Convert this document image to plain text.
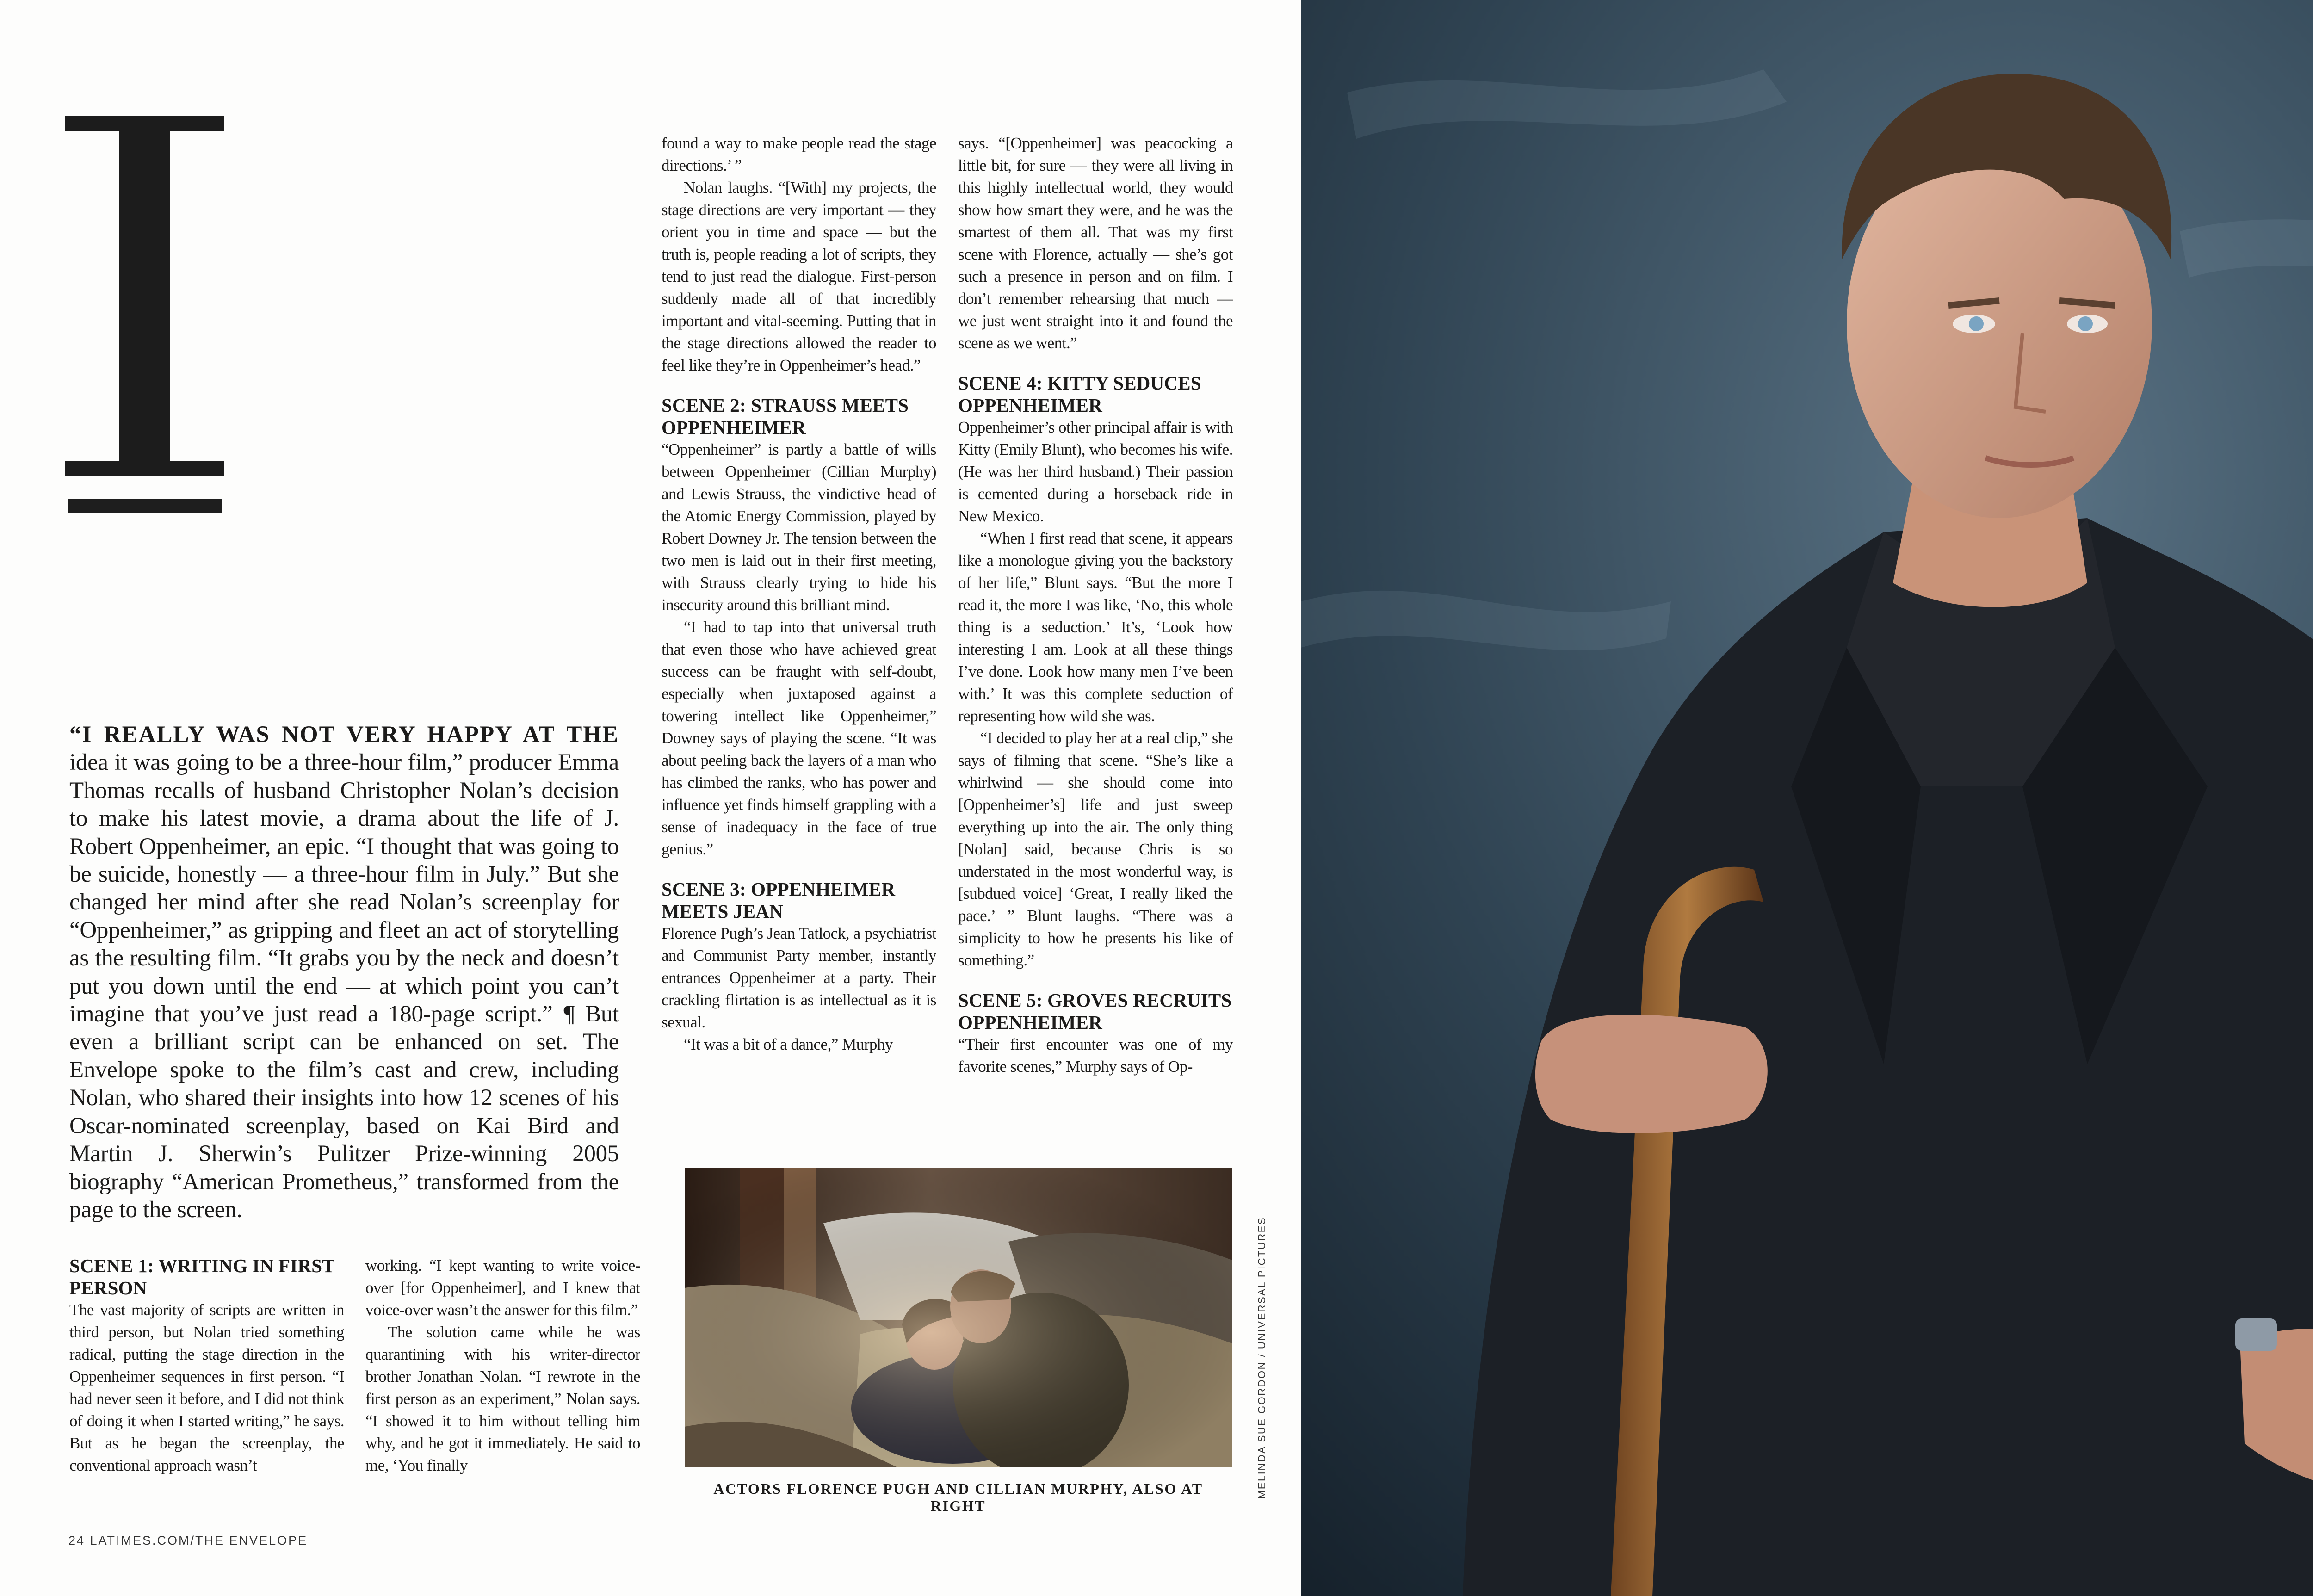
“I REALLY WAS NOT VERY HAPPY AT THE idea it was going to be a three-hour film,” producer Emma Thomas recalls of husband Christopher Nolan’s decision to make his latest movie, a drama about the life of J. Robert Oppenheimer, an epic. “I thought that was going to be suicide, honestly — a three-hour film in July.” But she changed her mind after she read Nolan’s screenplay for “Oppenheimer,” as gripping and fleet an act of storytelling as the resulting film. “It grabs you by the neck and doesn’t put you down until the end — at which point you can’t imagine that you’ve just read a 180-page script.” ¶ But even a brilliant script can be enhanced on set. The Envelope spoke to the film’s cast and crew, including Nolan, who shared their insights into how 12 scenes of his Oscar-nominated screenplay, based on Kai Bird and Martin J. Sherwin’s Pulitzer Prize-winning 2005 biography “American Prometheus,” transformed from the page to the screen.
SCENE 1: WRITING IN FIRST PERSON

The vast majority of scripts are written in third person, but Nolan tried something radical, putting the stage direction in the Oppenheimer sequences in first person. “I had never seen it before, and I did not think of doing it when I started writing,” he says. But as he began the screenplay, the conventional approach wasn’t

working. “I kept wanting to write voice-over [for Oppenheimer], and I knew that voice-over wasn’t the answer for this film.”

The solution came while he was quarantining with his writer-director brother Jonathan Nolan. “I rewrote in the first person as an experiment,” Nolan says. “I showed it to him without telling him why, and he got it immediately. He said to me, ‘You finally

found a way to make people read the stage directions.’ ”

Nolan laughs. “[With] my projects, the stage directions are very important — they orient you in time and space — but the truth is, people reading a lot of scripts, they tend to just read the dialogue. First-person suddenly made all of that incredibly important and vital-seeming. Putting that in the stage directions allowed the reader to feel like they’re in Oppenheimer’s head.”

SCENE 2: STRAUSS MEETS OPPENHEIMER

“Oppenheimer” is partly a battle of wills between Oppenheimer (Cillian Murphy) and Lewis Strauss, the vindictive head of the Atomic Energy Commission, played by Robert Downey Jr. The tension between the two men is laid out in their first meeting, with Strauss clearly trying to hide his insecurity around this brilliant mind.

“I had to tap into that universal truth that even those who have achieved great success can be fraught with self-doubt, especially when juxtaposed against a towering intellect like Oppenheimer,” Downey says of playing the scene. “It was about peeling back the layers of a man who has climbed the ranks, who has power and influence yet finds himself grappling with a sense of inadequacy in the face of true genius.”

SCENE 3: OPPENHEIMER MEETS JEAN

Florence Pugh’s Jean Tatlock, a psychiatrist and Communist Party member, instantly entrances Oppenheimer at a party. Their crackling flirtation is as intellectual as it is sexual.

“It was a bit of a dance,” Murphy

says. “[Oppenheimer] was peacocking a little bit, for sure — they were all living in this highly intellectual world, they would show how smart they were, and he was the smartest of them all. That was my first scene with Florence, actually — she’s got such a presence in person and on film. I don’t remember rehearsing that much — we just went straight into it and found the scene as we went.”

SCENE 4: KITTY SEDUCES OPPENHEIMER

Oppenheimer’s other principal affair is with Kitty (Emily Blunt), who becomes his wife. (He was her third husband.) Their passion is cemented during a horseback ride in New Mexico.

“When I first read that scene, it appears like a monologue giving you the backstory of her life,” Blunt says. “But the more I read it, the more I was like, ‘No, this whole thing is a seduction.’ It’s, ‘Look how interesting I am. Look at all these things I’ve done. Look how many men I’ve been with.’ It was this complete seduction of representing how wild she was.

“I decided to play her at a real clip,” she says of filming that scene. “She’s like a whirlwind — she should come into [Oppenheimer’s] life and just sweep everything up into the air. The only thing [Nolan] said, because Chris is so understated in the most wonderful way, is [subdued voice] ‘Great, I really liked the pace.’ ” Blunt laughs. “There was a simplicity to how he presents his like of something.”

SCENE 5: GROVES RECRUITS OPPENHEIMER

“Their first encounter was one of my favorite scenes,” Murphy says of Op-

ACTORS FLORENCE PUGH AND CILLIAN MURPHY, ALSO AT RIGHT
24 LATIMES.COM/THE ENVELOPE
MELINDA SUE GORDON / UNIVERSAL PICTURES
